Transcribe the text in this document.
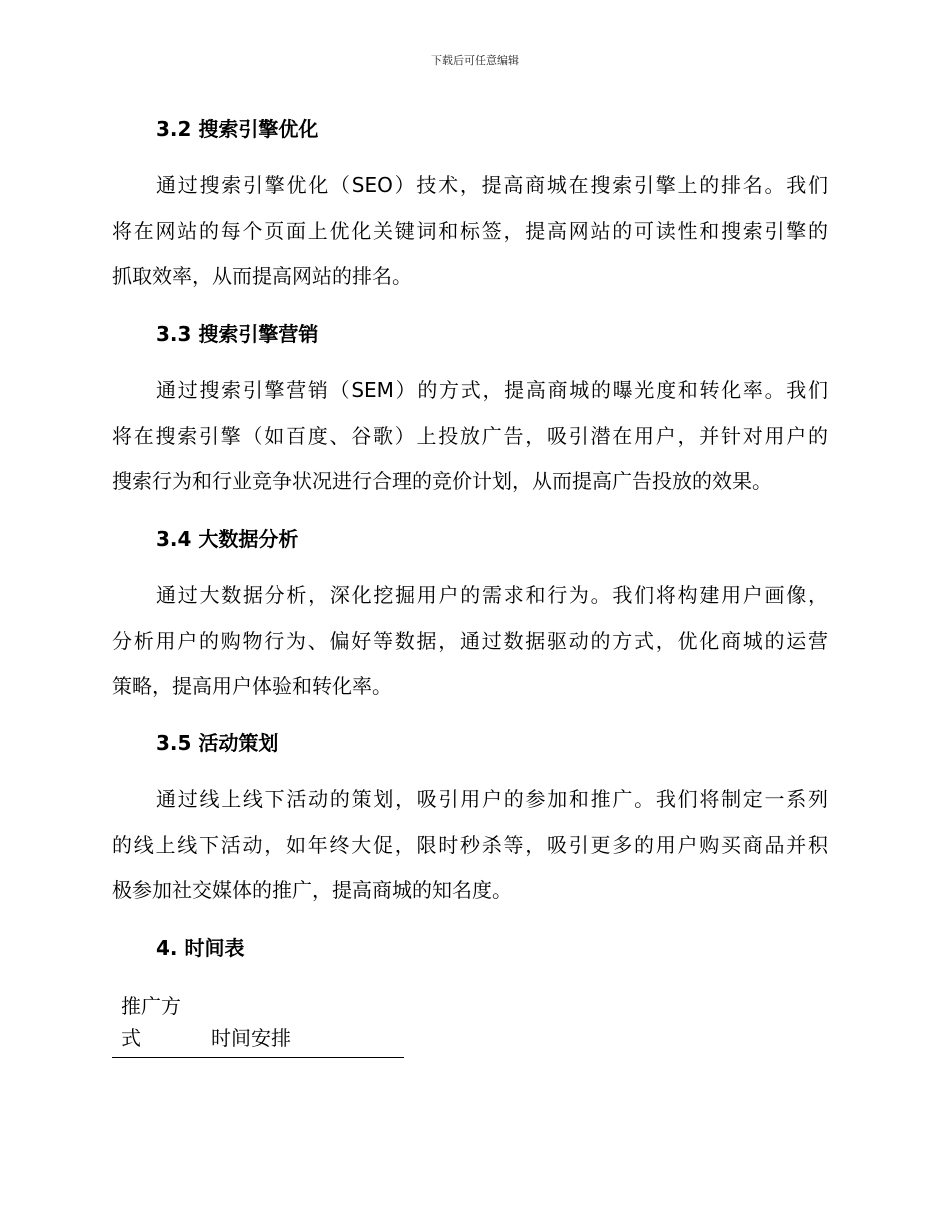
下载后可任意编辑
3.2 搜索引擎优化
通过搜索引擎优化（SEO）技术，提高商城在搜索引擎上的排名。我们
将在网站的每个页面上优化关键词和标签，提高网站的可读性和搜索引擎的
抓取效率，从而提高网站的排名。
3.3 搜索引擎营销
通过搜索引擎营销（SEM）的方式，提高商城的曝光度和转化率。我们
将在搜索引擎（如百度、谷歌）上投放广告，吸引潜在用户，并针对用户的
搜索行为和行业竞争状况进行合理的竞价计划，从而提高广告投放的效果。
3.4 大数据分析
通过大数据分析，深化挖掘用户的需求和行为。我们将构建用户画像，
分析用户的购物行为、偏好等数据，通过数据驱动的方式，优化商城的运营
策略，提高用户体验和转化率。
3.5 活动策划
通过线上线下活动的策划，吸引用户的参加和推广。我们将制定一系列
的线上线下活动，如年终大促，限时秒杀等，吸引更多的用户购买商品并积
极参加社交媒体的推广，提高商城的知名度。
4. 时间表
推广方
式	时间安排
